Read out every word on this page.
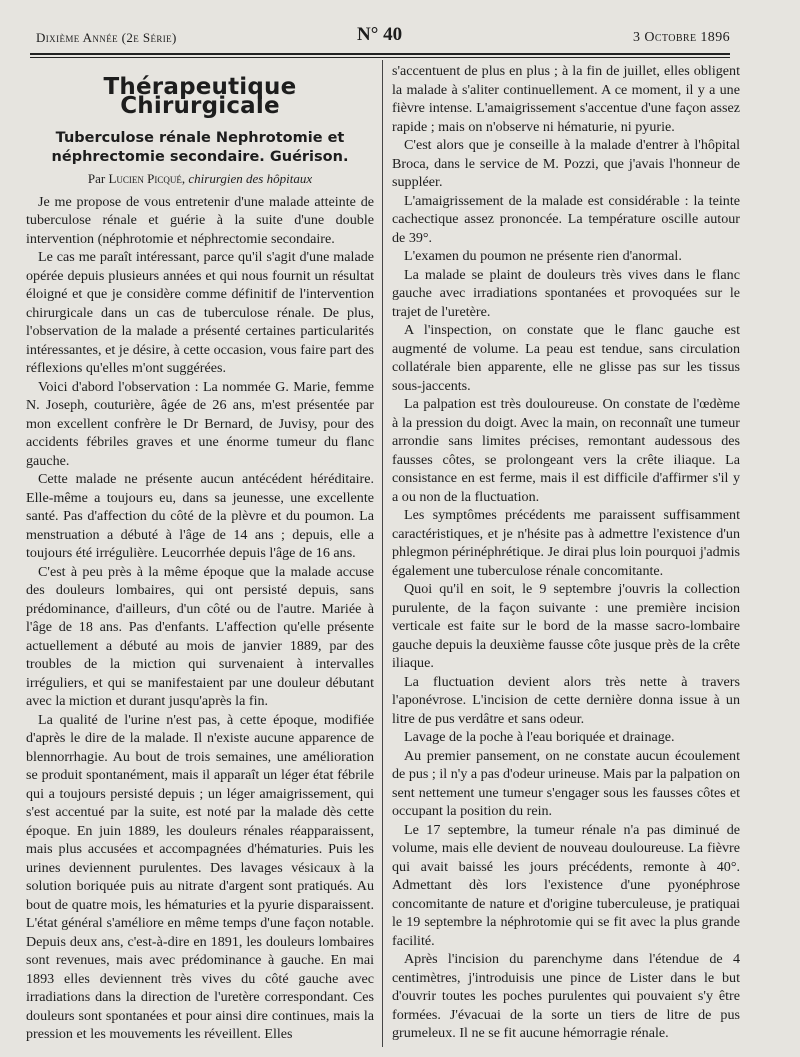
Dixième Année (2e Série)	N° 40	3 Octobre 1896
Thérapeutique Chirurgicale
Tuberculose rénale Nephrotomie et néphrectomie secondaire. Guérison.
Par Lucien Picqué, chirurgien des hôpitaux

Je me propose de vous entretenir d'une malade atteinte de tuberculose rénale et guérie à la suite d'une double intervention (néphrotomie et néphrectomie secondaire.

Le cas me paraît intéressant, parce qu'il s'agit d'une malade opérée depuis plusieurs années et qui nous fournit un résultat éloigné et que je considère comme définitif de l'intervention chirurgicale dans un cas de tuberculose rénale. De plus, l'observation de la malade a présenté certaines particularités intéressantes, et je désire, à cette occasion, vous faire part des réflexions qu'elles m'ont suggérées.

Voici d'abord l'observation : La nommée G. Marie, femme N. Joseph, couturière, âgée de 26 ans, m'est présentée par mon excellent confrère le Dr Bernard, de Juvisy, pour des accidents fébriles graves et une énorme tumeur du flanc gauche.

Cette malade ne présente aucun antécédent héréditaire. Elle-même a toujours eu, dans sa jeunesse, une excellente santé. Pas d'affection du côté de la plèvre et du poumon. La menstruation a débuté à l'âge de 14 ans ; depuis, elle a toujours été irrégulière. Leucorrhée depuis l'âge de 16 ans.

C'est à peu près à la même époque que la malade accuse des douleurs lombaires, qui ont persisté depuis, sans prédominance, d'ailleurs, d'un côté ou de l'autre. Mariée à l'âge de 18 ans. Pas d'enfants. L'affection qu'elle présente actuellement a débuté au mois de janvier 1889, par des troubles de la miction qui survenaient à intervalles irréguliers, et qui se manifestaient par une douleur débutant avec la miction et durant jusqu'après la fin.

La qualité de l'urine n'est pas, à cette époque, modifiée d'après le dire de la malade. Il n'existe aucune apparence de blennorrhagie. Au bout de trois semaines, une amélioration se produit spontanément, mais il apparaît un léger état fébrile qui a toujours persisté depuis ; un léger amaigrissement, qui s'est accentué par la suite, est noté par la malade dès cette époque. En juin 1889, les douleurs rénales réapparaissent, mais plus accusées et accompagnées d'hématuries. Puis les urines deviennent purulentes. Des lavages vésicaux à la solution boriquée puis au nitrate d'argent sont pratiqués. Au bout de quatre mois, les hématuries et la pyurie disparaissent. L'état général s'améliore en même temps d'une façon notable. Depuis deux ans, c'est-à-dire en 1891, les douleurs lombaires sont revenues, mais avec prédominance à gauche. En mai 1893 elles deviennent très vives du côté gauche avec irradiations dans la direction de l'uretère correspondant. Ces douleurs sont spontanées et pour ainsi dire continues, mais la pression et les mouvements les réveillent. Elles

s'accentuent de plus en plus ; à la fin de juillet, elles obligent la malade à s'aliter continuellement. A ce moment, il y a une fièvre intense. L'amaigrissement s'accentue d'une façon assez rapide ; mais on n'observe ni hématurie, ni pyurie.

C'est alors que je conseille à la malade d'entrer à l'hôpital Broca, dans le service de M. Pozzi, que j'avais l'honneur de suppléer.

L'amaigrissement de la malade est considérable : la teinte cachectique assez prononcée. La température oscille autour de 39°.

L'examen du poumon ne présente rien d'anormal.

La malade se plaint de douleurs très vives dans le flanc gauche avec irradiations spontanées et provoquées sur le trajet de l'uretère.

A l'inspection, on constate que le flanc gauche est augmenté de volume. La peau est tendue, sans circulation collatérale bien apparente, elle ne glisse pas sur les tissus sous-jaccents.

La palpation est très douloureuse. On constate de l'œdème à la pression du doigt. Avec la main, on reconnaît une tumeur arrondie sans limites précises, remontant audessous des fausses côtes, se prolongeant vers la crête iliaque. La consistance en est ferme, mais il est difficile d'affirmer s'il y a ou non de la fluctuation.

Les symptômes précédents me paraissent suffisamment caractéristiques, et je n'hésite pas à admettre l'existence d'un phlegmon périnéphrétique. Je dirai plus loin pourquoi j'admis également une tuberculose rénale concomitante.

Quoi qu'il en soit, le 9 septembre j'ouvris la collection purulente, de la façon suivante : une première incision verticale est faite sur le bord de la masse sacro-lombaire gauche depuis la deuxième fausse côte jusque près de la crête iliaque.

La fluctuation devient alors très nette à travers l'aponévrose. L'incision de cette dernière donna issue à un litre de pus verdâtre et sans odeur.

Lavage de la poche à l'eau boriquée et drainage.

Au premier pansement, on ne constate aucun écoulement de pus ; il n'y a pas d'odeur urineuse. Mais par la palpation on sent nettement une tumeur s'engager sous les fausses côtes et occupant la position du rein.

Le 17 septembre, la tumeur rénale n'a pas diminué de volume, mais elle devient de nouveau douloureuse. La fièvre qui avait baissé les jours précédents, remonte à 40°. Admettant dès lors l'existence d'une pyonéphrose concomitante de nature et d'origine tuberculeuse, je pratiquai le 19 septembre la néphrotomie qui se fit avec la plus grande facilité.

Après l'incision du parenchyme dans l'étendue de 4 centimètres, j'introduisis une pince de Lister dans le but d'ouvrir toutes les poches purulentes qui pouvaient s'y être formées. J'évacuai de la sorte un tiers de litre de pus grumeleux. Il ne se fit aucune hémorragie rénale.
